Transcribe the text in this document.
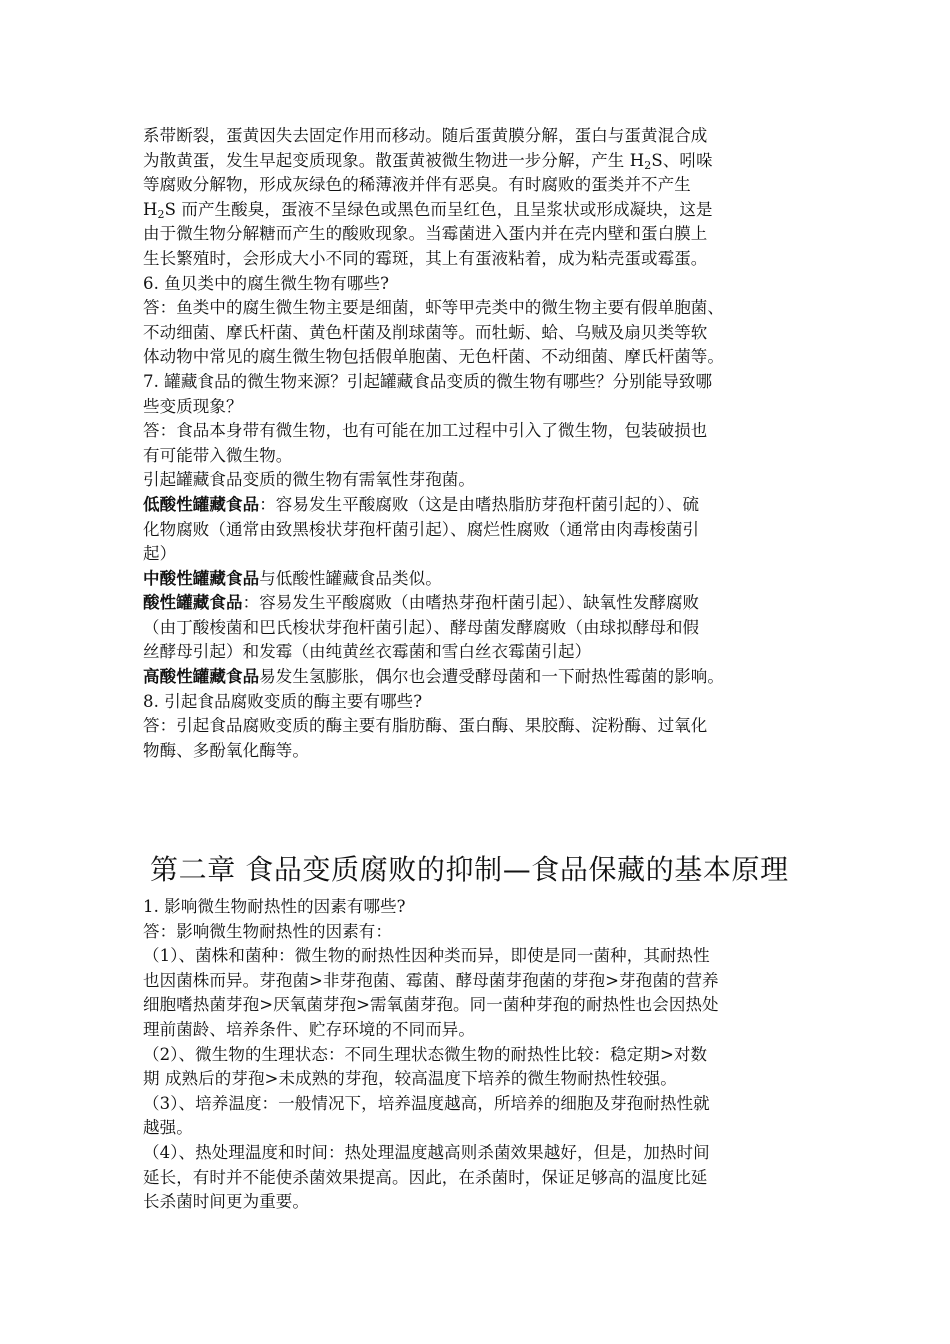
系带断裂，蛋黄因失去固定作用而移动。随后蛋黄膜分解，蛋白与蛋黄混合成
为散黄蛋，发生早起变质现象。散蛋黄被微生物进一步分解，产生 $H_2S$、吲哚
等腐败分解物，形成灰绿色的稀薄液并伴有恶臭。有时腐败的蛋类并不产生
$H_2S$ 而产生酸臭，蛋液不呈绿色或黑色而呈红色，且呈浆状或形成凝块，这是
由于微生物分解糖而产生的酸败现象。当霉菌进入蛋内并在壳内壁和蛋白膜上
生长繁殖时，会形成大小不同的霉斑，其上有蛋液粘着，成为粘壳蛋或霉蛋。
6. 鱼贝类中的腐生微生物有哪些?
答：鱼类中的腐生微生物主要是细菌，虾等甲壳类中的微生物主要有假单胞菌、
不动细菌、摩氏杆菌、黄色杆菌及削球菌等。而牡蛎、蛤、乌贼及扇贝类等软
体动物中常见的腐生微生物包括假单胞菌、无色杆菌、不动细菌、摩氏杆菌等。
7. 罐藏食品的微生物来源？引起罐藏食品变质的微生物有哪些？分别能导致哪
些变质现象？
答：食品本身带有微生物，也有可能在加工过程中引入了微生物，包装破损也
有可能带入微生物。
引起罐藏食品变质的微生物有需氧性芽孢菌。
低酸性罐藏食品：容易发生平酸腐败（这是由嗜热脂肪芽孢杆菌引起的）、硫
化物腐败（通常由致黑梭状芽孢杆菌引起）、腐烂性腐败（通常由肉毒梭菌引
起）
中酸性罐藏食品与低酸性罐藏食品类似。
酸性罐藏食品：容易发生平酸腐败（由嗜热芽孢杆菌引起）、缺氧性发酵腐败
（由丁酸梭菌和巴氏梭状芽孢杆菌引起）、酵母菌发酵腐败（由球拟酵母和假
丝酵母引起）和发霉（由纯黄丝衣霉菌和雪白丝衣霉菌引起）
高酸性罐藏食品易发生氢膨胀，偶尔也会遭受酵母菌和一下耐热性霉菌的影响。
8. 引起食品腐败变质的酶主要有哪些?
答：引起食品腐败变质的酶主要有脂肪酶、蛋白酶、果胶酶、淀粉酶、过氧化
物酶、多酚氧化酶等。
第二章 食品变质腐败的抑制—食品保藏的基本原理
1. 影响微生物耐热性的因素有哪些?
答：影响微生物耐热性的因素有：
（1）、菌株和菌种：微生物的耐热性因种类而异，即使是同一菌种，其耐热性
也因菌株而异。芽孢菌>非芽孢菌、霉菌、酵母菌芽孢菌的芽孢>芽孢菌的营养
细胞嗜热菌芽孢>厌氧菌芽孢>需氧菌芽孢。同一菌种芽孢的耐热性也会因热处
理前菌龄、培养条件、贮存环境的不同而异。
（2）、微生物的生理状态：不同生理状态微生物的耐热性比较：稳定期>对数
期 成熟后的芽孢>未成熟的芽孢，较高温度下培养的微生物耐热性较强。
（3）、培养温度：一般情况下，培养温度越高，所培养的细胞及芽孢耐热性就
越强。
（4）、热处理温度和时间：热处理温度越高则杀菌效果越好，但是，加热时间
延长，有时并不能使杀菌效果提高。因此，在杀菌时，保证足够高的温度比延
长杀菌时间更为重要。
